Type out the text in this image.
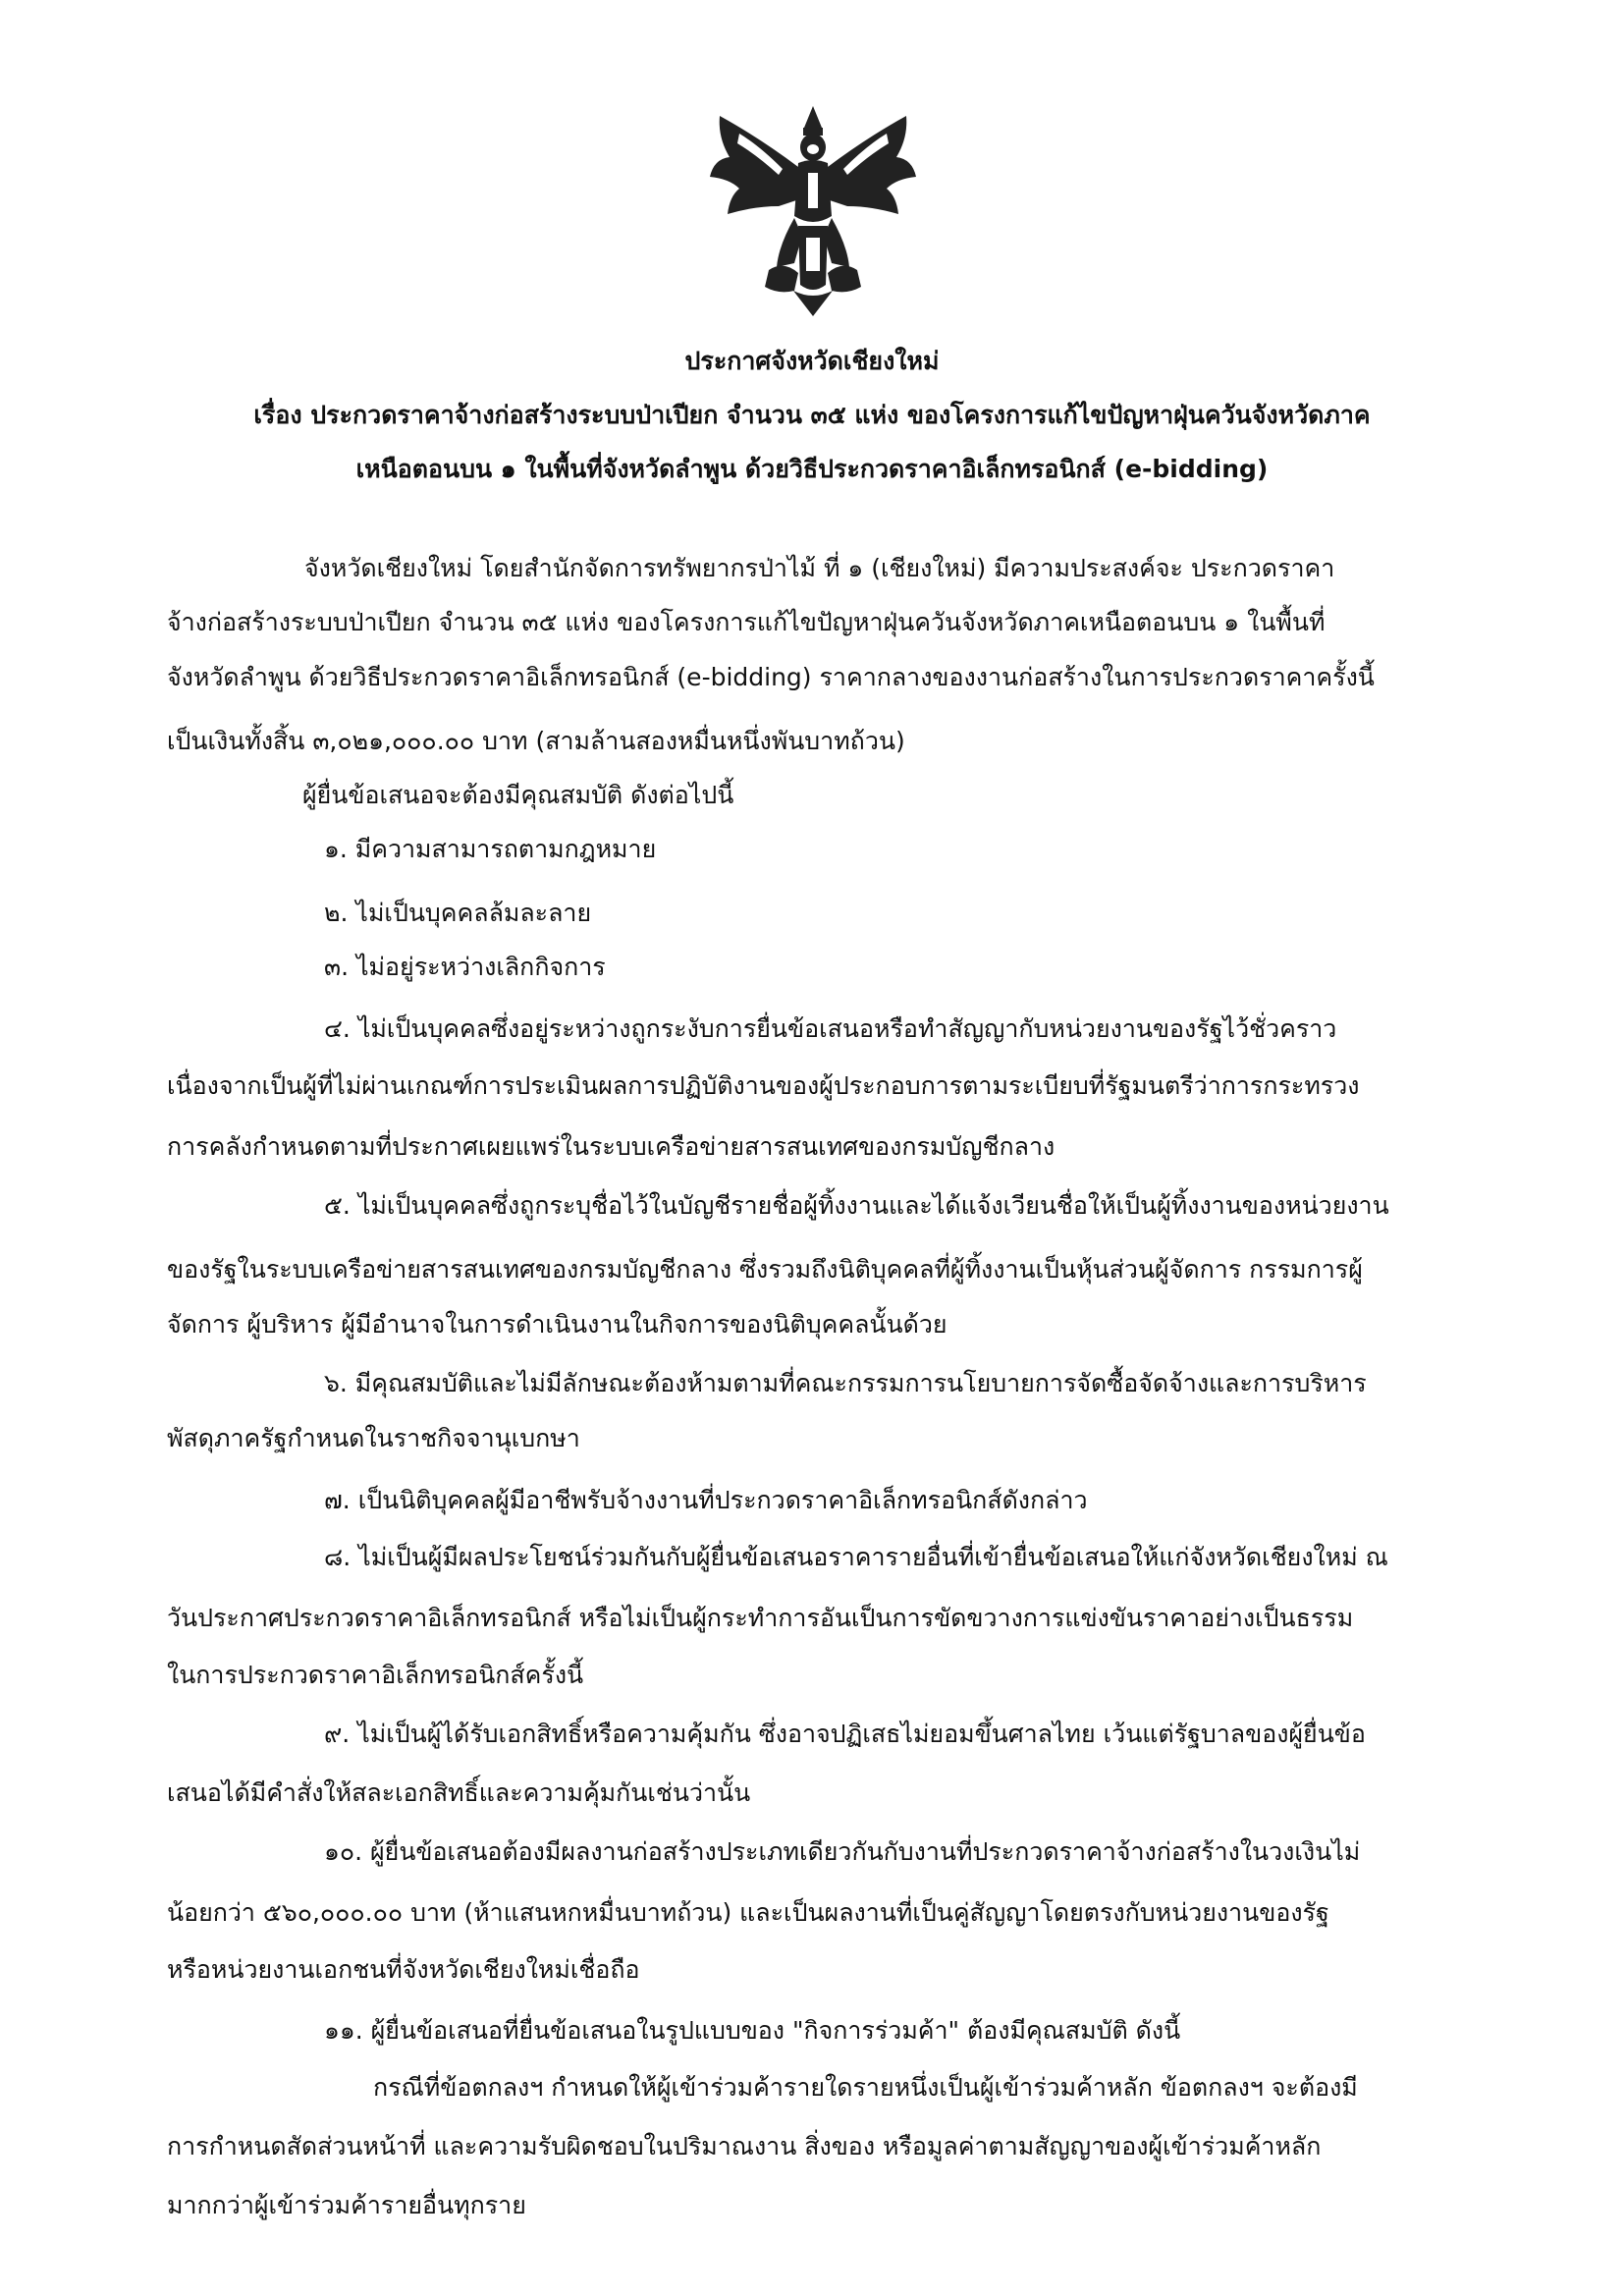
ประกาศจังหวัดเชียงใหม่
เรื่อง ประกวดราคาจ้างก่อสร้างระบบป่าเปียก จำนวน ๓๕ แห่ง ของโครงการแก้ไขปัญหาฝุ่นควันจังหวัดภาค
เหนือตอนบน ๑ ในพื้นที่จังหวัดลำพูน ด้วยวิธีประกวดราคาอิเล็กทรอนิกส์ (e-bidding)
จังหวัดเชียงใหม่ โดยสำนักจัดการทรัพยากรป่าไม้ ที่ ๑ (เชียงใหม่) มีความประสงค์จะ ประกวดราคา
จ้างก่อสร้างระบบป่าเปียก จำนวน ๓๕ แห่ง ของโครงการแก้ไขปัญหาฝุ่นควันจังหวัดภาคเหนือตอนบน ๑ ในพื้นที่
จังหวัดลำพูน ด้วยวิธีประกวดราคาอิเล็กทรอนิกส์ (e-bidding) ราคากลางของงานก่อสร้างในการประกวดราคาครั้งนี้
เป็นเงินทั้งสิ้น ๓,๐๒๑,๐๐๐.๐๐ บาท (สามล้านสองหมื่นหนึ่งพันบาทถ้วน)
ผู้ยื่นข้อเสนอจะต้องมีคุณสมบัติ ดังต่อไปนี้
๑. มีความสามารถตามกฎหมาย
๒. ไม่เป็นบุคคลล้มละลาย
๓. ไม่อยู่ระหว่างเลิกกิจการ
๔. ไม่เป็นบุคคลซึ่งอยู่ระหว่างถูกระงับการยื่นข้อเสนอหรือทำสัญญากับหน่วยงานของรัฐไว้ชั่วคราว
เนื่องจากเป็นผู้ที่ไม่ผ่านเกณฑ์การประเมินผลการปฏิบัติงานของผู้ประกอบการตามระเบียบที่รัฐมนตรีว่าการกระทรวง
การคลังกำหนดตามที่ประกาศเผยแพร่ในระบบเครือข่ายสารสนเทศของกรมบัญชีกลาง
๕. ไม่เป็นบุคคลซึ่งถูกระบุชื่อไว้ในบัญชีรายชื่อผู้ทิ้งงานและได้แจ้งเวียนชื่อให้เป็นผู้ทิ้งงานของหน่วยงาน
ของรัฐในระบบเครือข่ายสารสนเทศของกรมบัญชีกลาง ซึ่งรวมถึงนิติบุคคลที่ผู้ทิ้งงานเป็นหุ้นส่วนผู้จัดการ กรรมการผู้
จัดการ ผู้บริหาร ผู้มีอำนาจในการดำเนินงานในกิจการของนิติบุคคลนั้นด้วย
๖. มีคุณสมบัติและไม่มีลักษณะต้องห้ามตามที่คณะกรรมการนโยบายการจัดซื้อจัดจ้างและการบริหาร
พัสดุภาครัฐกำหนดในราชกิจจานุเบกษา
๗. เป็นนิติบุคคลผู้มีอาชีพรับจ้างงานที่ประกวดราคาอิเล็กทรอนิกส์ดังกล่าว
๘. ไม่เป็นผู้มีผลประโยชน์ร่วมกันกับผู้ยื่นข้อเสนอราคารายอื่นที่เข้ายื่นข้อเสนอให้แก่จังหวัดเชียงใหม่ ณ
วันประกาศประกวดราคาอิเล็กทรอนิกส์ หรือไม่เป็นผู้กระทำการอันเป็นการขัดขวางการแข่งขันราคาอย่างเป็นธรรม
ในการประกวดราคาอิเล็กทรอนิกส์ครั้งนี้
๙. ไม่เป็นผู้ได้รับเอกสิทธิ์หรือความคุ้มกัน ซึ่งอาจปฏิเสธไม่ยอมขึ้นศาลไทย เว้นแต่รัฐบาลของผู้ยื่นข้อ
เสนอได้มีคำสั่งให้สละเอกสิทธิ์และความคุ้มกันเช่นว่านั้น
๑๐. ผู้ยื่นข้อเสนอต้องมีผลงานก่อสร้างประเภทเดียวกันกับงานที่ประกวดราคาจ้างก่อสร้างในวงเงินไม่
น้อยกว่า ๕๖๐,๐๐๐.๐๐ บาท (ห้าแสนหกหมื่นบาทถ้วน) และเป็นผลงานที่เป็นคู่สัญญาโดยตรงกับหน่วยงานของรัฐ
หรือหน่วยงานเอกชนที่จังหวัดเชียงใหม่เชื่อถือ
๑๑. ผู้ยื่นข้อเสนอที่ยื่นข้อเสนอในรูปแบบของ "กิจการร่วมค้า" ต้องมีคุณสมบัติ ดังนี้
กรณีที่ข้อตกลงฯ กำหนดให้ผู้เข้าร่วมค้ารายใดรายหนึ่งเป็นผู้เข้าร่วมค้าหลัก ข้อตกลงฯ จะต้องมี
การกำหนดสัดส่วนหน้าที่ และความรับผิดชอบในปริมาณงาน สิ่งของ หรือมูลค่าตามสัญญาของผู้เข้าร่วมค้าหลัก
มากกว่าผู้เข้าร่วมค้ารายอื่นทุกราย
